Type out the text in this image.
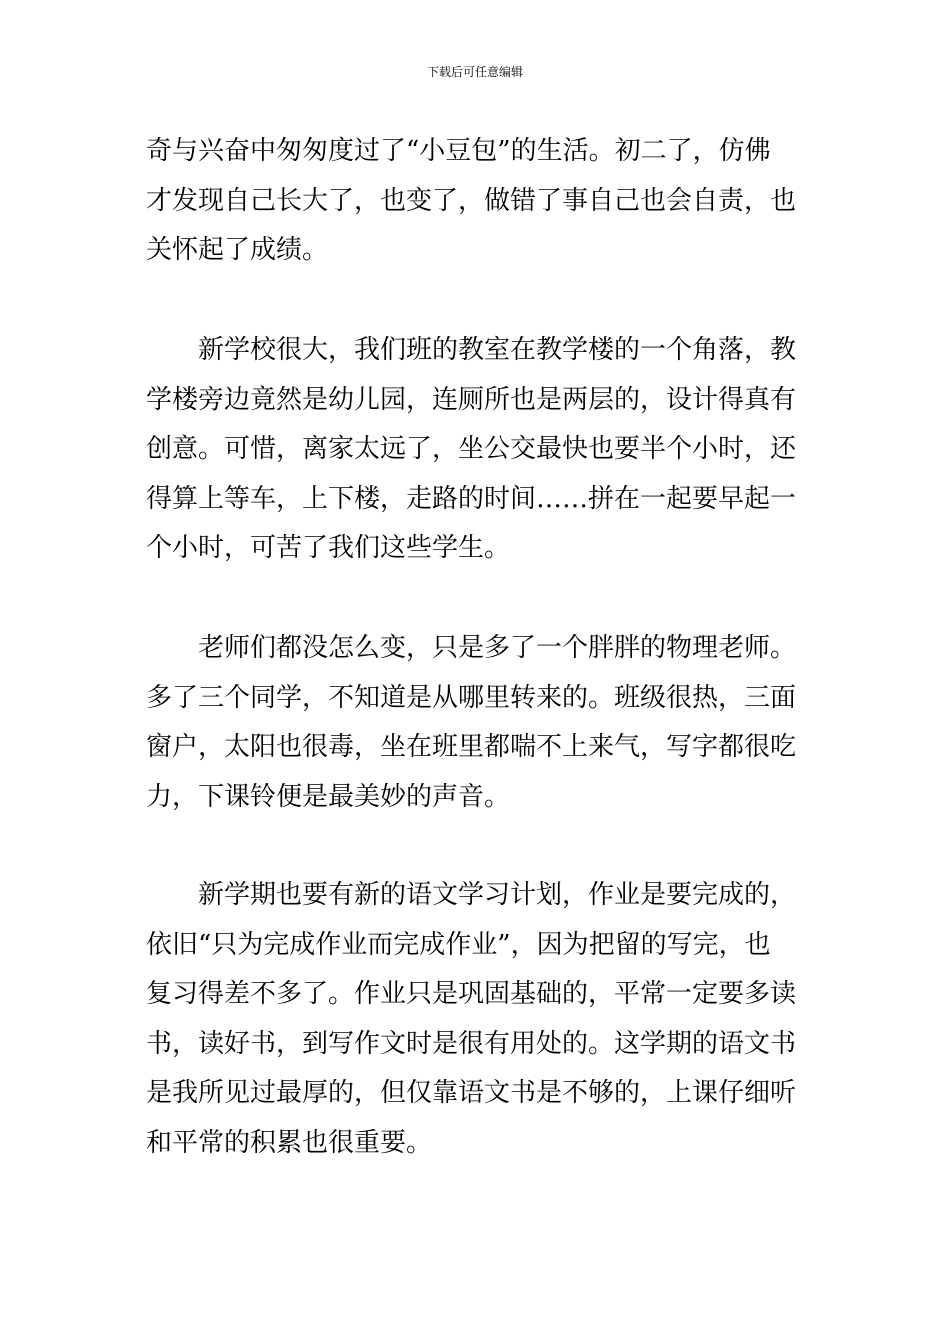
下载后可任意编辑
奇与兴奋中匆匆度过了“小豆包”的生活。初二了，仿佛
才发现自己长大了，也变了，做错了事自己也会自责，也
关怀起了成绩。
新学校很大，我们班的教室在教学楼的一个角落，教
学楼旁边竟然是幼儿园，连厕所也是两层的，设计得真有
创意。可惜，离家太远了，坐公交最快也要半个小时，还
得算上等车，上下楼，走路的时间……拼在一起要早起一
个小时，可苦了我们这些学生。
老师们都没怎么变，只是多了一个胖胖的物理老师。
多了三个同学，不知道是从哪里转来的。班级很热，三面
窗户，太阳也很毒，坐在班里都喘不上来气，写字都很吃
力，下课铃便是最美妙的声音。
新学期也要有新的语文学习计划，作业是要完成的，
依旧“只为完成作业而完成作业”，因为把留的写完，也
复习得差不多了。作业只是巩固基础的，平常一定要多读
书，读好书，到写作文时是很有用处的。这学期的语文书
是我所见过最厚的，但仅靠语文书是不够的，上课仔细听
和平常的积累也很重要。
